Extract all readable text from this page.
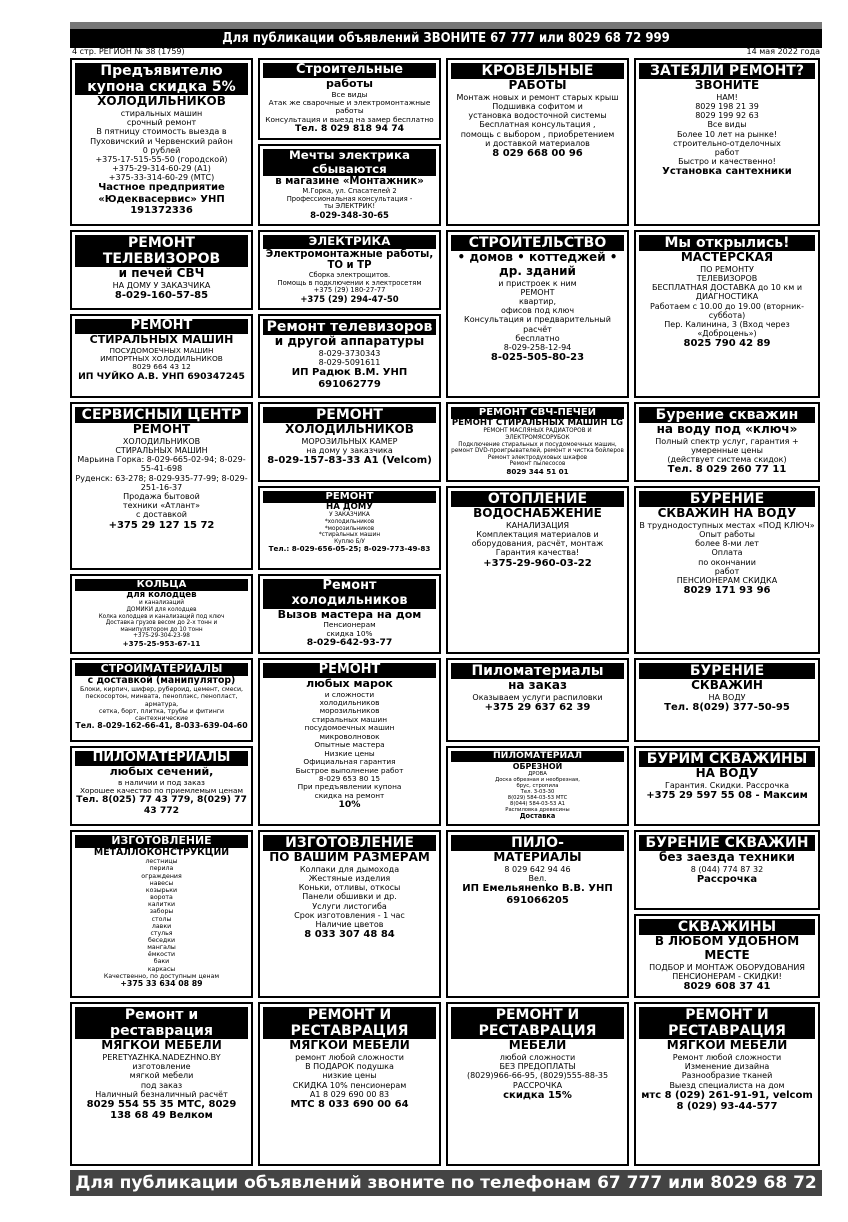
Для публикации объявлений ЗВОНИТЕ 67 777 или 8029 68 72 999
4 стр. РЕГИОН № 38 (1759)	14 мая 2022 года
Предъявителю купона скидка 5%
ХОЛОДИЛЬНИКОВ
стиральных машин
срочный ремонт
В пятницу стоимость выезда в
Пуховичский и Червенский район
0 рублей
+375-17-515-55-50 (городской)
+375-29-314-60-29 (А1)
+375-33-314-60-29 (МТС)
Частное предприятие «Юдеквасервис» УНП 191372336
Строительные
работы
Все виды
Атак же сварочные и электромонтажные работы
Консультация и выезд на замер бесплатно
Тел. 8 029 818 94 74
Мечты электрика сбываются
в магазине «Монтажник»
М.Горка, ул. Спасателей 2
Профессиональная консультация -
ты ЭЛЕКТРИК!
8-029-348-30-65
КРОВЕЛЬНЫЕ
РАБОТЫ
Монтаж новых и ремонт старых крыш
Подшивка софитом и
установка водосточной системы
Бесплатная консультация ,
помощь с выбором , приобретением
и доставкой материалов
8 029 668 00 96
ЗАТЕЯЛИ РЕМОНТ?
ЗВОНИТЕ
НАМ!
8029 198 21 39
8029 199 92 63
Все виды
Более 10 лет на рынке!
строительно-отделочных
работ
Быстро и качественно!
Установка сантехники
РЕМОНТ ТЕЛЕВИЗОРОВ
и печей СВЧ
НА ДОМУ У ЗАКАЗЧИКА
8-029-160-57-85
ЭЛЕКТРИКА
Электромонтажные работы, ТО и ТР
Сборка электрощитов.
Помощь в подключении к электросетям
+375 (29) 180-27-77
+375 (29) 294-47-50
СТРОИТЕЛЬСТВО
• домов • коттеджей • др. зданий
и пристроек к ним
РЕМОНТ
квартир,
офисов под ключ
Консультация и предварительный расчёт
бесплатно
8-029-258-12-94
8-025-505-80-23
Мы открылись!
МАСТЕРСКАЯ
ПО РЕМОНТУ
ТЕЛЕВИЗОРОВ
БЕСПЛАТНАЯ ДОСТАВКА до 10 км и ДИАГНОСТИКА
Работаем с 10.00 до 19.00 (вторник-суббота)
Пер. Калинина, 3 (Вход через «Добрoцень»)
8025 790 42 89
РЕМОНТ
СТИРАЛЬНЫХ МАШИН
ПОСУДОМОЕЧНЫХ МАШИН
ИМПОРТНЫХ ХОЛОДИЛЬНИКОВ
8029 664 43 12
ИП ЧУЙКО А.В. УНП 690347245
Ремонт телевизоров
и другой аппаратуры
8-029-3730343
8-029-5091611
ИП Радюк В.М. УНП 691062779
СЕРВИСНЫЙ ЦЕНТР
РЕМОНТ
ХОЛОДИЛЬНИКОВ
СТИРАЛЬНЫХ МАШИН
Марьина Горка: 8-029-665-02-94; 8-029-55-41-698
Руденск: 63-278; 8-029-935-77-99; 8-029-251-16-37
Продажа бытовой
техники «Атлант»
с доставкой
+375 29 127 15 72
РЕМОНТ
ХОЛОДИЛЬНИКОВ
МОРОЗИЛЬНЫХ КАМЕР
на дому у заказчика
8-029-157-83-33 А1 (Velcom)
РЕМОНТ СВЧ-ПЕЧЕЙ
РЕМОНТ СТИРАЛЬНЫХ МАШИН LG
РЕМОНТ МАСЛЯНЫХ РАДИАТОРОВ И ЭЛЕКТРОМЯСОРУБОК
Подключение стиральных и посудомоечных машин,
ремонт DVD-проигрывателей, ремонт и чистка бойлеров
Ремонт электродуховых шкафов
Ремонт пылесосов
8029 344 51 01
Бурение скважин
на воду под «ключ»
Полный спектр услуг, гарантия + умеренные цены
(действует система скидок)
Тел. 8 029 260 77 11
РЕМОНТ
НА ДОМУ
У ЗАКАЗЧИКА
*холодильников
*морозильников
*стиральных машин
Куплю Б/У
Тел.: 8-029-656-05-25; 8-029-773-49-83
ОТОПЛЕНИЕ
ВОДОСНАБЖЕНИЕ
КАНАЛИЗАЦИЯ
Комплектация материалов и
оборудования, расчёт, монтаж
Гарантия качества!
+375-29-960-03-22
БУРЕНИЕ
СКВАЖИН НА ВОДУ
В труднодоступных местах «ПОД КЛЮЧ»
Опыт работы
более 8-ми лет
Оплата
по окончании
работ
ПЕНСИОНЕРАМ СКИДКА
8029 171 93 96
КОЛЬЦА
для колодцев
и канализаций
ДОМИКИ для колодцев
Колка колодцев и канализаций под ключ
Доставка грузов весом до 2-х тонн и
манипулятором до 10 тонн
+375-29-304-23-98
+375-25-953-67-11
Ремонт холодильников
Вызов мастера на дом
Пенсионерам
скидка 10%
8-029-642-93-77
СТРОЙМАТЕРИАЛЫ
с доставкой (манипулятор)
Блоки, кирпич, шифер, рубероид, цемент, смеси,
пескосортон, минвата, пеноплэкс, пенопласт, арматура,
сетка, борт, плитка, трубы и фитинги сантехнические
Тел. 8-029-162-66-41, 8-033-639-04-60
РЕМОНТ
любых марок
и сложности
холодильников
морозильников
стиральных машин
посудомоечных машин
микроволновок
Опытные мастера
Низкие цены
Официальная гарантия
Быстрое выполнение работ
8-029 653 80 15
При предъявлении купона
скидка на ремонт
10%
Пиломатериалы
на заказ
Оказываем услуги распиловки
+375 29 637 62 39
БУРЕНИЕ
СКВАЖИН
НА ВОДУ
Тел. 8(029) 377-50-95
ПИЛОМАТЕРИАЛЫ
любых сечений,
в наличии и под заказ
Хорошее качество по приемлемым ценам
Тел. 8(025) 77 43 779, 8(029) 77 43 772
ПИЛОМАТЕРИАЛ
ОБРЕЗНОЙ
ДРОВА
Доска обрезная и необрезная,
брус, стропила
Тел. 3-03-30
8(029) 584-03-53 МТС
8(044) 584-03-53 А1
Распиловка древесины
Доставка
БУРИМ СКВАЖИНЫ
НА ВОДУ
Гарантия. Скидки. Рассрочка
+375 29 597 55 08 - Максим
ИЗГОТОВЛЕНИЕ
МЕТАЛЛОКОНСТРУКЦИЙ
лестницы
перила
ограждения
навесы
козырьки
ворота
калитки
заборы
столы
лавки
стулья
беседки
мангалы
ёмкости
баки
каркасы
Качественно, по доступным ценам
+375 33 634 08 89
ИЗГОТОВЛЕНИЕ
ПО ВАШИМ РАЗМЕРАМ
Колпаки для дымохода
Жестяные изделия
Коньки, отливы, откосы
Панели обшивки и др.
Услуги листогиба
Срок изготовления - 1 час
Наличие цветов
8 033 307 48 84
ПИЛО-
МАТЕРИАЛЫ
8 029 642 94 46
Вел.
ИП Емельянenko В.В. УНП 691066205
БУРЕНИЕ СКВАЖИН
без заезда техники
8 (044) 774 87 32
Рассрочка
СКВАЖИНЫ
В ЛЮБОМ УДОБНОМ МЕСТЕ
ПОДБОР И МОНТАЖ ОБОРУДОВАНИЯ
ПЕНСИОНЕРАМ - СКИДКИ!
8029 608 37 41
Ремонт и реставрация
МЯГКОЙ МЕБЕЛИ
PERETYAZHKA.NADEZHNO.BY
изготовление
мягкой мебели
под заказ
Наличный безналичный расчёт
8029 554 55 35 МТС, 8029 138 68 49 Велком
РЕМОНТ И РЕСТАВРАЦИЯ
МЯГКОЙ МЕБЕЛИ
ремонт любой сложности
В ПОДАРОК подушка
низкие цены
СКИДКА 10% пенсионерам
А1 8 029 690 00 83
МТС 8 033 690 00 64
РЕМОНТ И РЕСТАВРАЦИЯ
МЕБЕЛИ
любой сложности
БЕЗ ПРЕДОПЛАТЫ
(8029)966-66-95, (8029)555-88-35
РАССРОЧКА
скидка 15%
РЕМОНТ И РЕСТАВРАЦИЯ
МЯГКОЙ МЕБЕЛИ
Ремонт любой сложности
Изменение дизайна
Разнообразие тканей
Выезд специалиста на дом
мтс 8 (029) 261-91-91, velcom 8 (029) 93-44-577
Для публикации объявлений звоните по телефонам 67 777 или 8029 68 72 999
